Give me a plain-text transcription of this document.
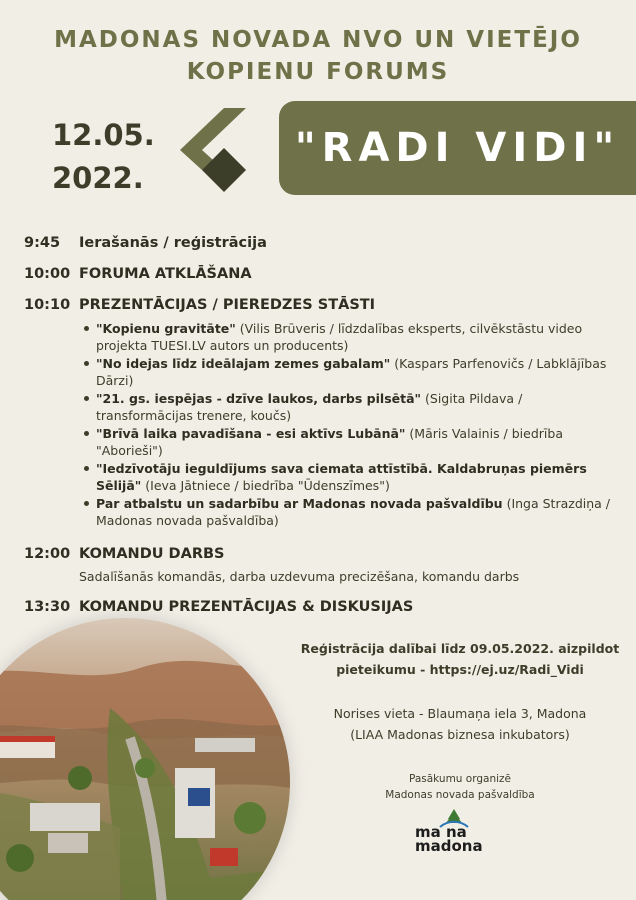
MADONAS NOVADA NVO UN VIETĒJO
KOPIENU FORUMS
12.05.
2022.
"RADI VIDI"
9:45	Ierašanās / reģistrācija
10:00 FORUMA ATKLĀŠANA
10:10 PREZENTĀCIJAS / PIEREDZES STĀSTI
"Kopienu gravitāte" (Vilis Brūveris / līdzdalības eksperts, cilvēkstāstu video projekta TUESI.LV autors un producents)
"No idejas līdz ideālajam zemes gabalam" (Kaspars Parfenovičs / Labklājības Dārzi)
"21. gs. iespējas - dzīve laukos, darbs pilsētā" (Sigita Pildava / transformācijas trenere, koučs)
"Brīvā laika pavadīšana - esi aktīvs Lubānā" (Māris Valainis / biedrība "Aborieši")
"Iedzīvotāju ieguldījums sava ciemata attīstībā. Kaldabruņas piemērs Sēlijā" (Ieva Jātniece / biedrība "Ūdenszīmes")
Par atbalstu un sadarbību ar Madonas novada pašvaldību (Inga Strazdiņa / Madonas novada pašvaldība)
12:00 KOMANDU DARBS
Sadalīšanās komandās, darba uzdevuma precizēšana, komandu darbs
13:30 KOMANDU PREZENTĀCIJAS & DISKUSIJAS
Reģistrācija dalībai līdz 09.05.2022. aizpildot
pieteikumu - https://ej.uz/Radi_Vidi
Norises vieta - Blaumaņa iela 3, Madona
(LIAA Madonas biznesa inkubators)
Pasākumu organizē
Madonas novada pašvaldība
ma na
madona
